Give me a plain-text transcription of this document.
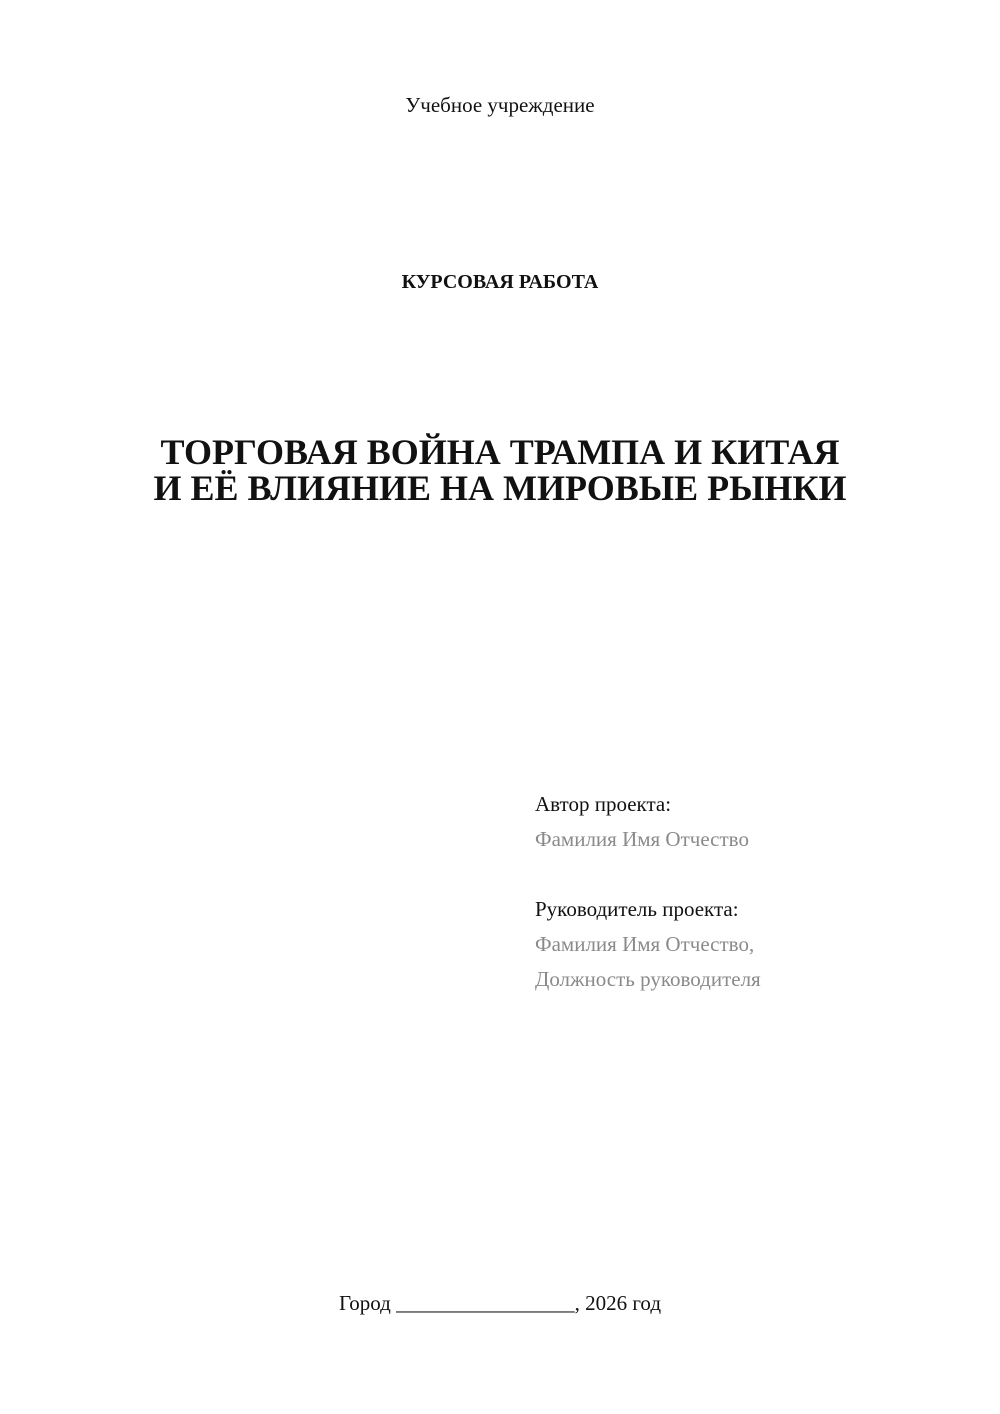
Учебное учреждение
КУРСОВАЯ РАБОТА
ТОРГОВАЯ ВОЙНА ТРАМПА И КИТАЯ
И ЕЁ ВЛИЯНИЕ НА МИРОВЫЕ РЫНКИ
Автор проекта:
Фамилия Имя Отчество
Руководитель проекта:
Фамилия Имя Отчество,
Должность руководителя
Город _________________, 2026 год
